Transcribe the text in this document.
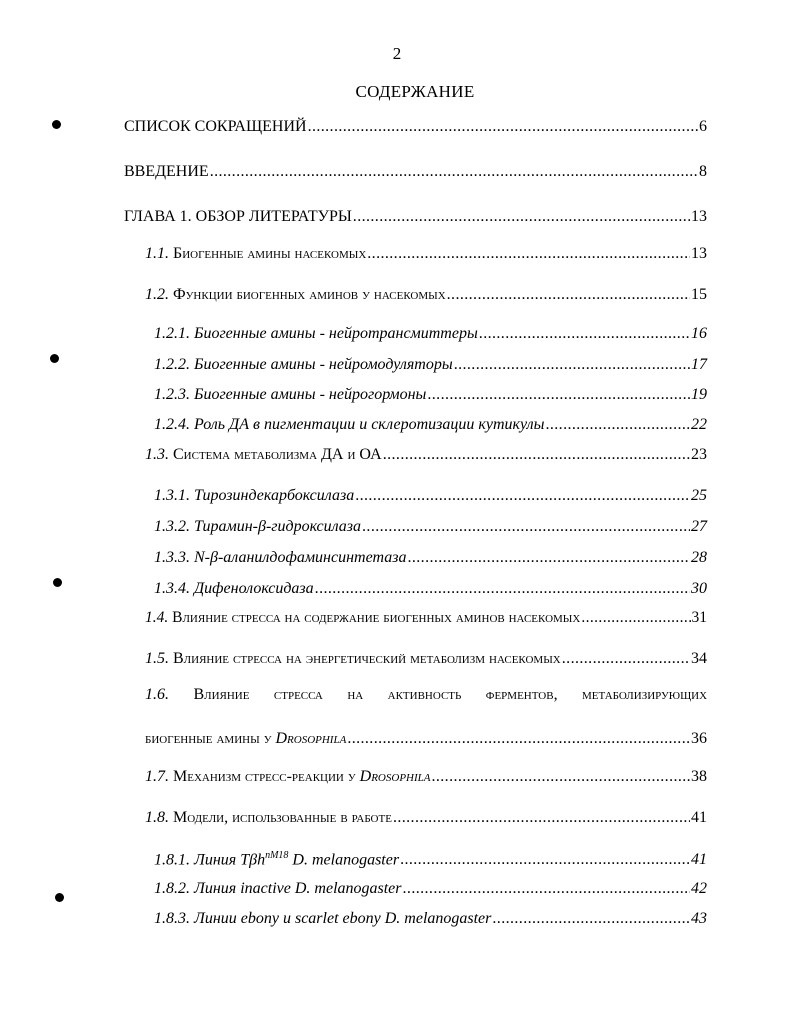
2
СОДЕРЖАНИЕ
СПИСОК СОКРАЩЕНИЙ .....	6
ВВЕДЕНИЕ .....	8
ГЛАВА 1. ОБЗОР ЛИТЕРАТУРЫ .....	13
1.1. Биогенные амины насекомых .....	13
1.2. Функции биогенных аминов у насекомых .....	15
1.2.1. Биогенные амины - нейротрансмиттеры .....	16
1.2.2. Биогенные амины - нейромодуляторы .....	17
1.2.3. Биогенные амины - нейрогормоны .....	19
1.2.4. Роль ДА в пигментации и склеротизации кутикулы .....	22
1.3. Система метаболизма ДА и ОА .....	23
1.3.1. Тирозиндекарбоксилаза .....	25
1.3.2. Тирамин-β-гидроксилаза .....	27
1.3.3. N-β-аланилдофаминсинтетаза .....	28
1.3.4. Дифенолоксидаза .....	30
1.4. Влияние стресса на содержание биогенных аминов насекомых .....	31
1.5. Влияние стресса на энергетический метаболизм насекомых .....	34
1.6. Влияние стресса на активность ферментов, метаболизирующих
биогенные амины у Drosophila .....	36
1.7. Механизм стресс-реакции у Drosophila .....	38
1.8. Модели, использованные в работе .....	41
1.8.1. Линия Tβh$^{nM18}$ D. melanogaster .....	41
1.8.2. Линия inactive D. melanogaster .....	42
1.8.3. Линии ebony и scarlet ebony D. melanogaster .....	43
